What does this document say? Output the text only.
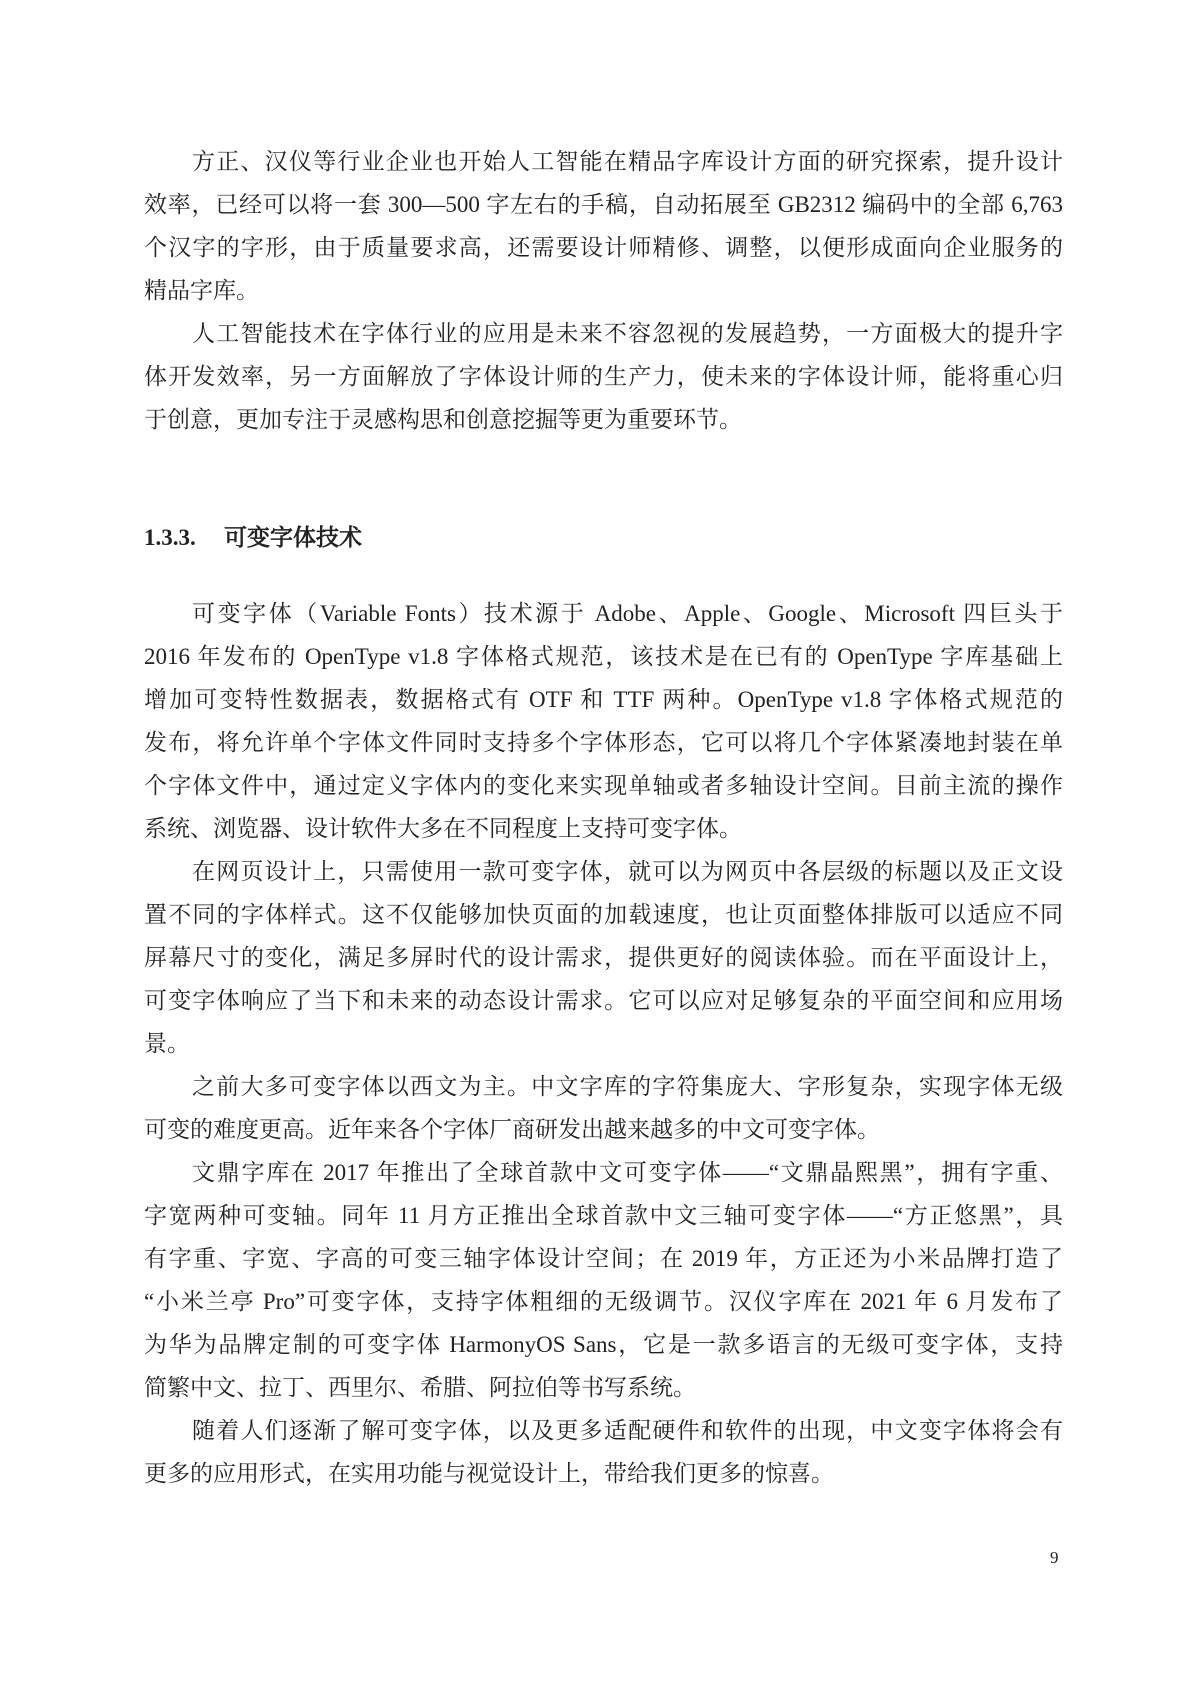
方正、汉仪等行业企业也开始人工智能在精品字库设计方面的研究探索，提升设计
效率，已经可以将一套 300—500 字左右的手稿，自动拓展至 GB2312 编码中的全部 6,763
个汉字的字形，由于质量要求高，还需要设计师精修、调整，以便形成面向企业服务的
精品字库。
人工智能技术在字体行业的应用是未来不容忽视的发展趋势，一方面极大的提升字
体开发效率，另一方面解放了字体设计师的生产力，使未来的字体设计师，能将重心归
于创意，更加专注于灵感构思和创意挖掘等更为重要环节。
1.3.3. 可变字体技术
可变字体（Variable Fonts）技术源于 Adobe、Apple、Google、Microsoft 四巨头于
2016 年发布的 OpenType v1.8 字体格式规范，该技术是在已有的 OpenType 字库基础上
增加可变特性数据表，数据格式有 OTF 和 TTF 两种。OpenType v1.8 字体格式规范的
发布，将允许单个字体文件同时支持多个字体形态，它可以将几个字体紧凑地封装在单
个字体文件中，通过定义字体内的变化来实现单轴或者多轴设计空间。目前主流的操作
系统、浏览器、设计软件大多在不同程度上支持可变字体。
在网页设计上，只需使用一款可变字体，就可以为网页中各层级的标题以及正文设
置不同的字体样式。这不仅能够加快页面的加载速度，也让页面整体排版可以适应不同
屏幕尺寸的变化，满足多屏时代的设计需求，提供更好的阅读体验。而在平面设计上，
可变字体响应了当下和未来的动态设计需求。它可以应对足够复杂的平面空间和应用场
景。
之前大多可变字体以西文为主。中文字库的字符集庞大、字形复杂，实现字体无级
可变的难度更高。近年来各个字体厂商研发出越来越多的中文可变字体。
文鼎字库在 2017 年推出了全球首款中文可变字体——“文鼎晶熙黑”，拥有字重、
字宽两种可变轴。同年 11 月方正推出全球首款中文三轴可变字体——“方正悠黑”，具
有字重、字宽、字高的可变三轴字体设计空间；在 2019 年，方正还为小米品牌打造了
“小米兰亭 Pro”可变字体，支持字体粗细的无级调节。汉仪字库在 2021 年 6 月发布了
为华为品牌定制的可变字体 HarmonyOS Sans，它是一款多语言的无级可变字体，支持
简繁中文、拉丁、西里尔、希腊、阿拉伯等书写系统。
随着人们逐渐了解可变字体，以及更多适配硬件和软件的出现，中文变字体将会有
更多的应用形式，在实用功能与视觉设计上，带给我们更多的惊喜。
9
